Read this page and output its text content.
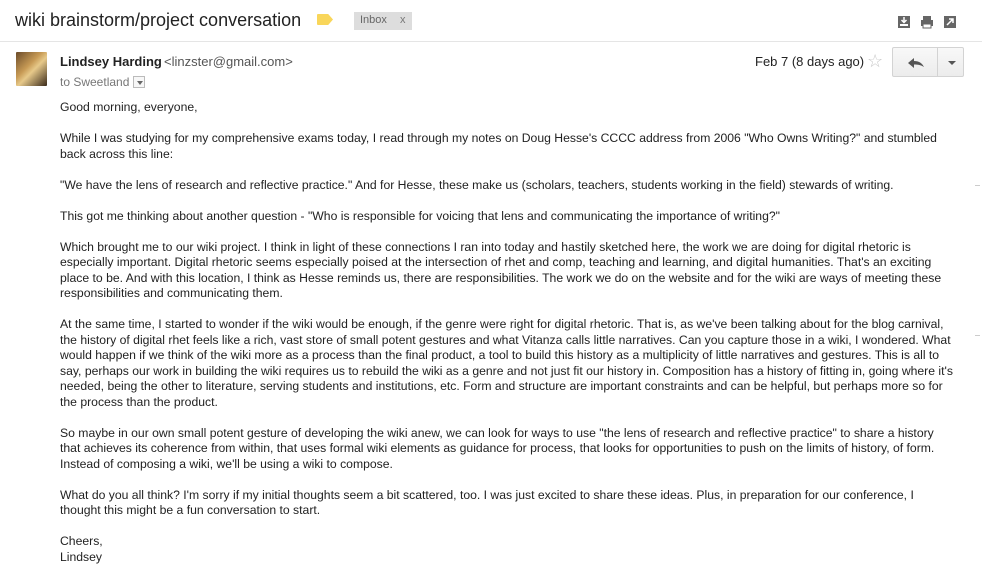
wiki brainstorm/project conversation	Inbox x
Lindsey Harding <linzster@gmail.com>
to Sweetland
Feb 7 (8 days ago) ☆

Good morning, everyone,

While I was studying for my comprehensive exams today, I read through my notes on Doug Hesse's CCCC address from 2006 "Who Owns Writing?" and stumbled back across this line:

"We have the lens of research and reflective practice." And for Hesse, these make us (scholars, teachers, students working in the field) stewards of writing.

This got me thinking about another question - "Who is responsible for voicing that lens and communicating the importance of writing?"

Which brought me to our wiki project. I think in light of these connections I ran into today and hastily sketched here, the work we are doing for digital rhetoric is especially important. Digital rhetoric seems especially poised at the intersection of rhet and comp, teaching and learning, and digital humanities. That's an exciting place to be. And with this location, I think as Hesse reminds us, there are responsibilities. The work we do on the website and for the wiki are ways of meeting these responsibilities and communicating them.

At the same time, I started to wonder if the wiki would be enough, if the genre were right for digital rhetoric. That is, as we've been talking about for the blog carnival, the history of digital rhet feels like a rich, vast store of small potent gestures and what Vitanza calls little narratives. Can you capture those in a wiki, I wondered. What would happen if we think of the wiki more as a process than the final product, a tool to build this history as a multiplicity of little narratives and gestures. This is all to say, perhaps our work in building the wiki requires us to rebuild the wiki as a genre and not just fit our history in. Composition has a history of fitting in, going where it's needed, being the other to literature, serving students and institutions, etc. Form and structure are important constraints and can be helpful, but perhaps more so for the process than the product.

So maybe in our own small potent gesture of developing the wiki anew, we can look for ways to use "the lens of research and reflective practice" to share a history that achieves its coherence from within, that uses formal wiki elements as guidance for process, that looks for opportunities to push on the limits of history, of form. Instead of composing a wiki, we'll be using a wiki to compose.

What do you all think? I'm sorry if my initial thoughts seem a bit scattered, too. I was just excited to share these ideas. Plus, in preparation for our conference, I thought this might be a fun conversation to start.

Cheers,

Lindsey
